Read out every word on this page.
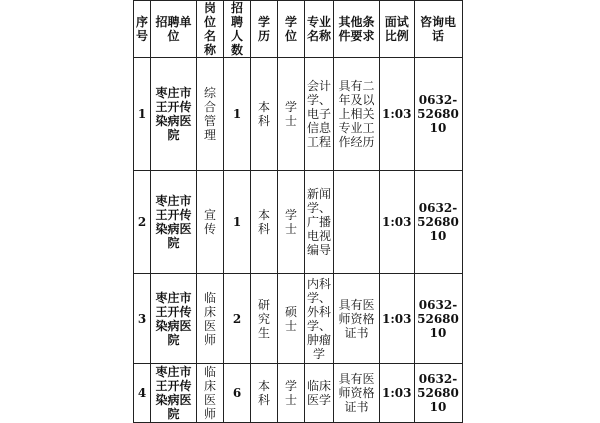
序号	招聘单位	岗位名称	招聘人数	学历	学位	专业名称	其他条件要求	面试比例	咨询电话
1	枣庄市王开传染病医院	综合管理	1	本科	学士	会计学、电子信息工程	具有二年及以上相关专业工作经历	1:03	0632-5268010
2	枣庄市王开传染病医院	宣传	1	本科	学士	新闻学、广播电视编导		1:03	0632-5268010
3	枣庄市王开传染病医院	临床医师	2	研究生	硕士	内科学、外科学、肿瘤学	具有医师资格证书	1:03	0632-5268010
4	枣庄市王开传染病医院	临床医师	6	本科	学士	临床医学	具有医师资格证书	1:03	0632-5268010
